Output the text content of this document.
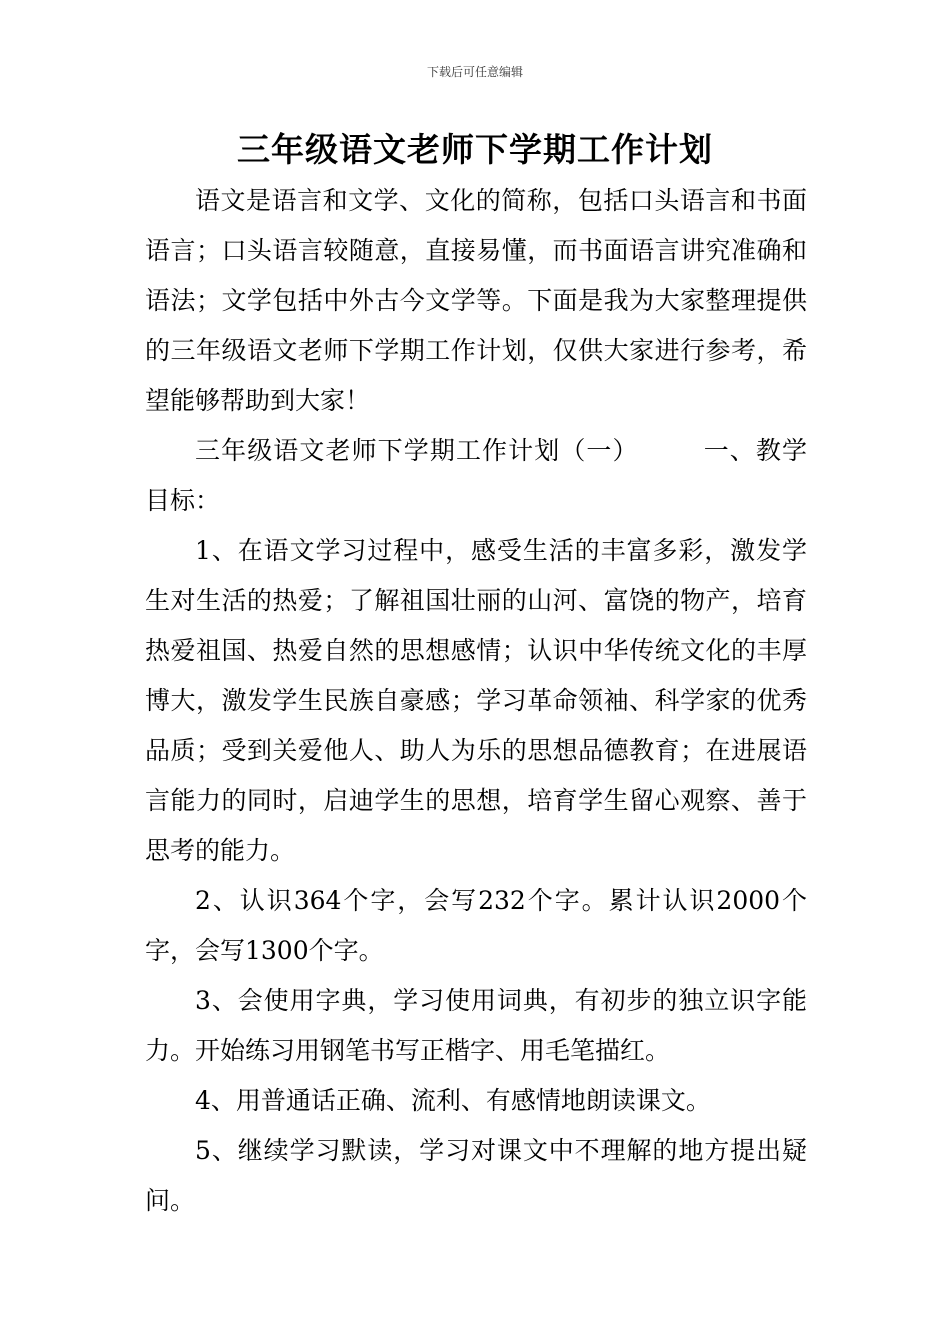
下载后可任意编辑
三年级语文老师下学期工作计划

语文是语言和文学、文化的简称，包括口头语言和书面语言；口头语言较随意，直接易懂，而书面语言讲究准确和语法；文学包括中外古今文学等。下面是我为大家整理提供的三年级语文老师下学期工作计划，仅供大家进行参考，希望能够帮助到大家！

三年级语文老师下学期工作计划（一）	一、教学目标：

1、在语文学习过程中，感受生活的丰富多彩，激发学生对生活的热爱；了解祖国壮丽的山河、富饶的物产，培育热爱祖国、热爱自然的思想感情；认识中华传统文化的丰厚博大，激发学生民族自豪感；学习革命领袖、科学家的优秀品质；受到关爱他人、助人为乐的思想品德教育；在进展语言能力的同时，启迪学生的思想，培育学生留心观察、善于思考的能力。

2、认识364个字，会写232个字。累计认识2000个字，会写1300个字。

3、会使用字典，学习使用词典，有初步的独立识字能力。开始练习用钢笔书写正楷字、用毛笔描红。

4、用普通话正确、流利、有感情地朗读课文。

5、继续学习默读，学习对课文中不理解的地方提出疑问。
